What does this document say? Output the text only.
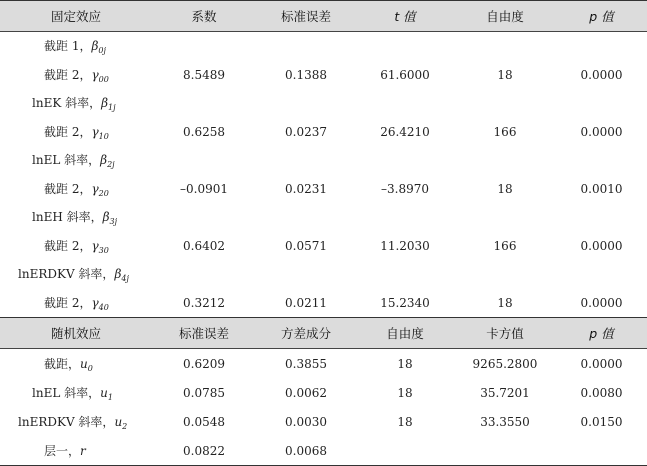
固定效应	系数	标准误差	t 值	自由度	p 值
截距 1，$\beta_{0j}$					
截距 2，$\gamma_{00}$	8.5489	0.1388	61.6000	18	0.0000
lnEK 斜率，$\beta_{1j}$					
截距 2，$\gamma_{10}$	0.6258	0.0237	26.4210	166	0.0000
lnEL 斜率，$\beta_{2j}$					
截距 2，$\gamma_{20}$	–0.0901	0.0231	–3.8970	18	0.0010
lnEH 斜率，$\beta_{3j}$					
截距 2，$\gamma_{30}$	0.6402	0.0571	11.2030	166	0.0000
lnERDKV 斜率，$\beta_{4j}$					
截距 2，$\gamma_{40}$	0.3212	0.0211	15.2340	18	0.0000
随机效应	标准误差	方差成分	自由度	卡方值	p 值
截距，$u_0$	0.6209	0.3855	18	9265.2800	0.0000
lnEL 斜率，$u_1$	0.0785	0.0062	18	35.7201	0.0080
lnERDKV 斜率，$u_2$	0.0548	0.0030	18	33.3550	0.0150
层一，r	0.0822	0.0068			
